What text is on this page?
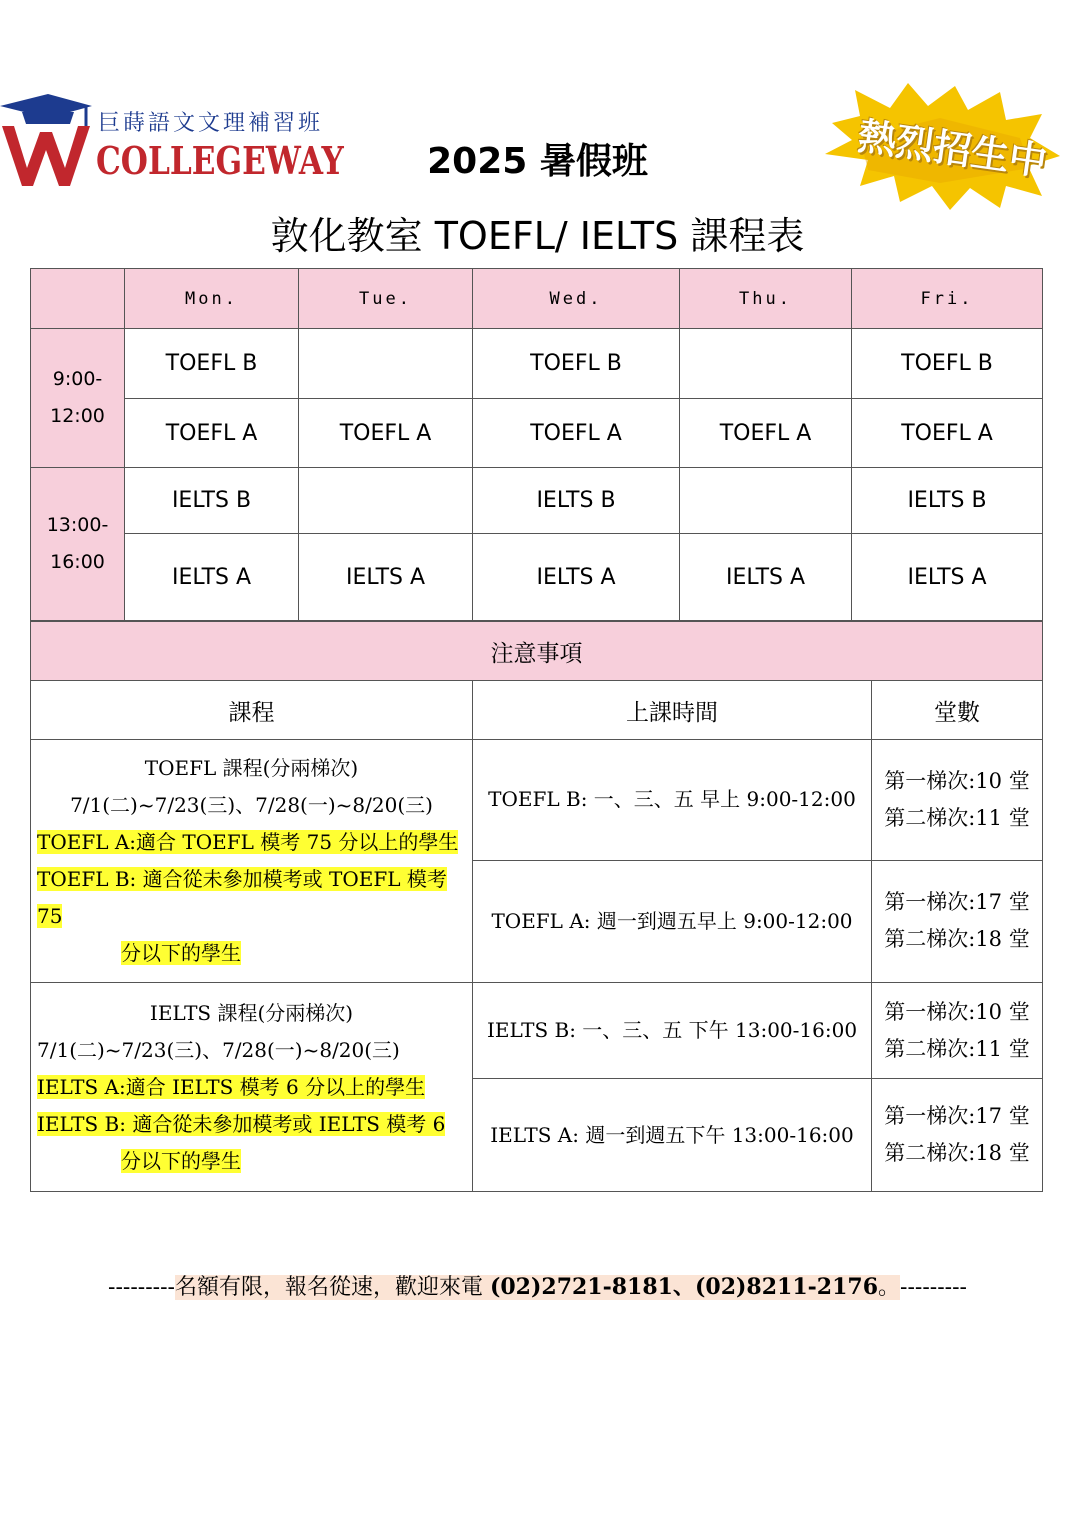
巨蒔語文文理補習班
COLLEGEWAY	熱烈招生中
2025 暑假班
敦化教室 TOEFL/ IELTS 課程表
	Mon.	Tue.	Wed.	Thu.	Fri.
9:00-
12:00	TOEFL B		TOEFL B		TOEFL B
	TOEFL A	TOEFL A	TOEFL A	TOEFL A	TOEFL A
13:00-
16:00	IELTS B		IELTS B		IELTS B
	IELTS A	IELTS A	IELTS A	IELTS A	IELTS A
注意事項		
課程	上課時間	堂數

TOEFL 課程(分兩梯次)
7/1(二)~7/23(三)、7/28(一)~8/20(三)
TOEFL A:適合 TOEFL 模考 75 分以上的學生
TOEFL B: 適合從未參加模考或 TOEFL 模考 75
分以下的學生	TOEFL B: 一、三、五 早上 9:00-12:00	第一梯次:10 堂
第二梯次:11 堂
	TOEFL A: 週一到週五早上 9:00-12:00	第一梯次:17 堂
第二梯次:18 堂

IELTS 課程(分兩梯次)
7/1(二)~7/23(三)、7/28(一)~8/20(三)
IELTS A:適合 IELTS 模考 6 分以上的學生
IELTS B: 適合從未參加模考或 IELTS 模考 6
分以下的學生	IELTS B: 一、三、五 下午 13:00-16:00	第一梯次:10 堂
第二梯次:11 堂
	IELTS A: 週一到週五下午 13:00-16:00	第一梯次:17 堂
第二梯次:18 堂
---------名額有限，報名從速，歡迎來電 (02)2721-8181、(02)8211-2176。---------
